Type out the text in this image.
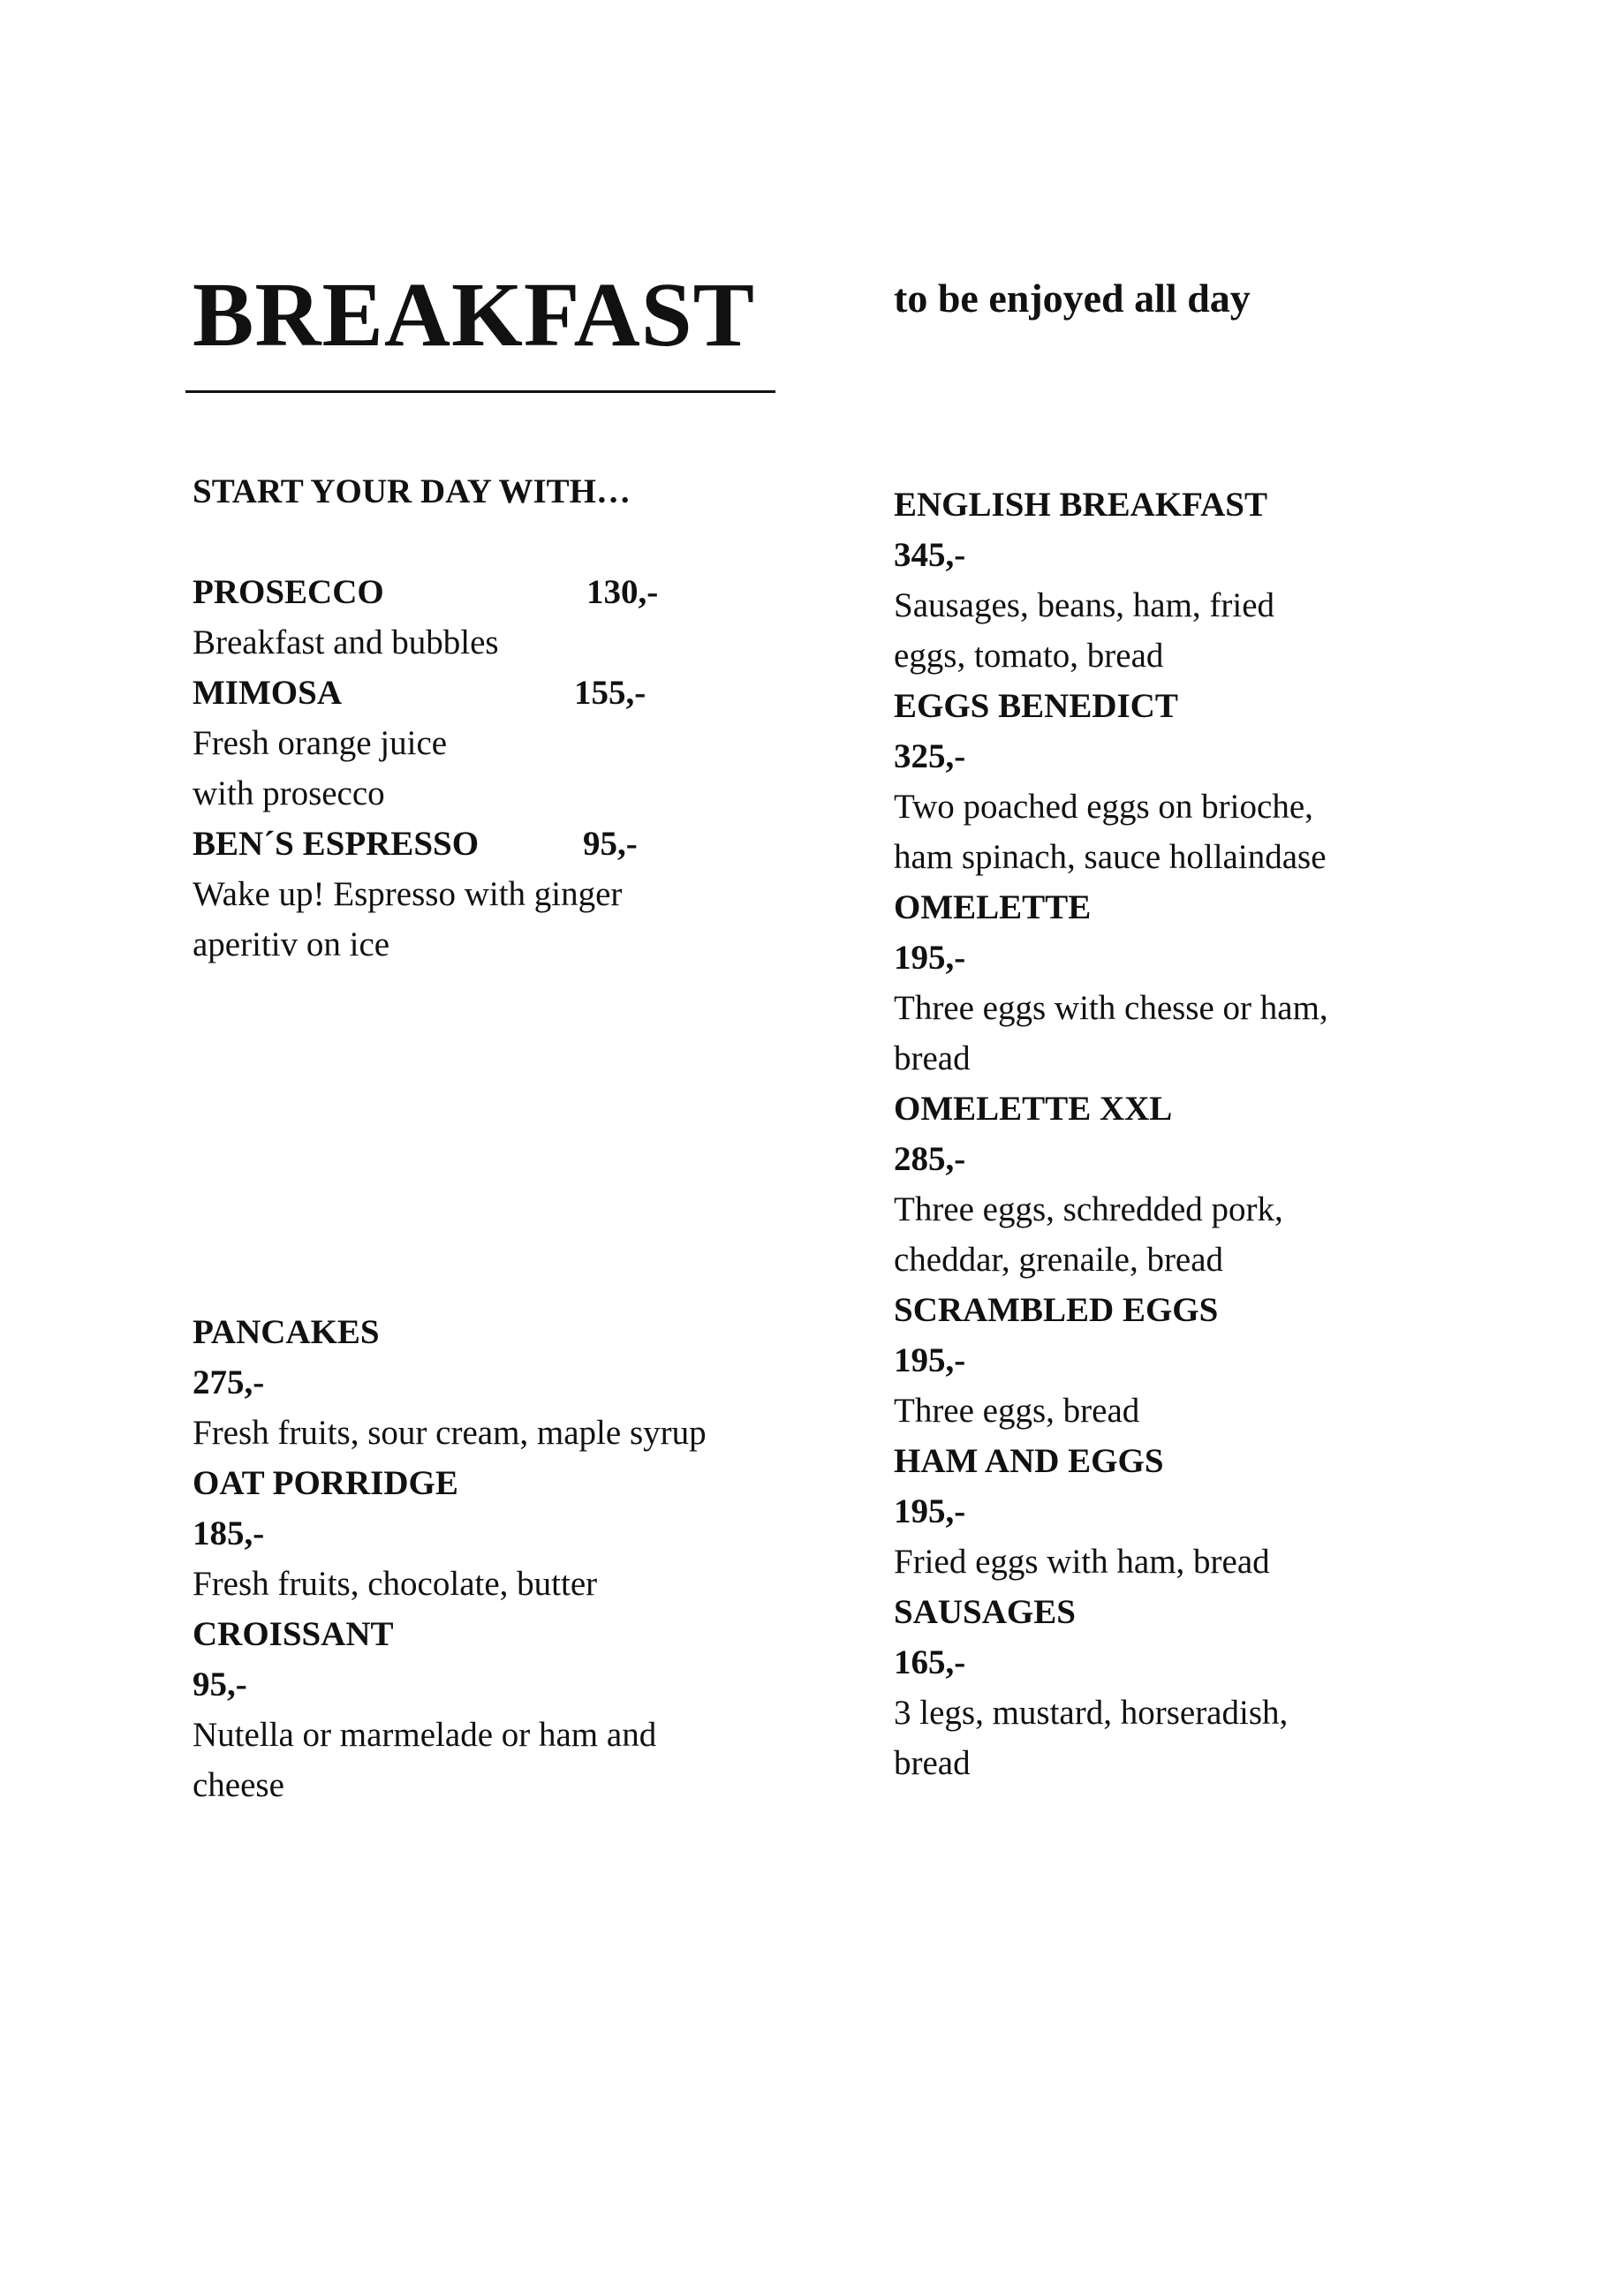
BREAKFAST	to be enjoyed all day
START YOUR DAY WITH…
PROSECCO	130,-
Breakfast and bubbles
MIMOSA	155,-
Fresh orange juice
with prosecco
BEN´S ESPRESSO	95,-
Wake up! Espresso with ginger
aperitiv on ice
PANCAKES
275,-
Fresh fruits, sour cream, maple syrup
OAT PORRIDGE
185,-
Fresh fruits, chocolate, butter
CROISSANT
95,-
Nutella or marmelade or ham and
cheese
ENGLISH BREAKFAST
345,-
Sausages, beans, ham, fried
eggs, tomato, bread
EGGS BENEDICT
325,-
Two poached eggs on brioche,
ham spinach, sauce hollaindase
OMELETTE
195,-
Three eggs with chesse or ham,
bread
OMELETTE XXL
285,-
Three eggs, schredded pork,
cheddar, grenaile, bread
SCRAMBLED EGGS
195,-
Three eggs, bread
HAM AND EGGS
195,-
Fried eggs with ham, bread
SAUSAGES
165,-
3 legs, mustard, horseradish,
bread
